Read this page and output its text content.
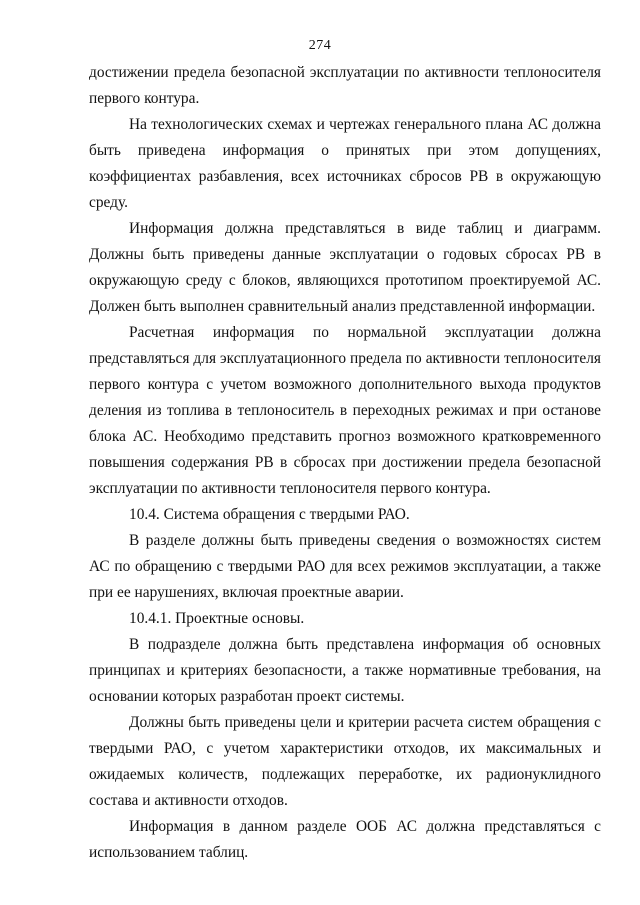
274

достижении предела безопасной эксплуатации по активности теплоносителя первого контура.

На технологических схемах и чертежах генерального плана АС должна быть приведена информация о принятых при этом допущениях, коэффициентах разбавления, всех источниках сбросов РВ в окружающую среду.

Информация должна представляться в виде таблиц и диаграмм. Должны быть приведены данные эксплуатации о годовых сбросах РВ в окружающую среду с блоков, являющихся прототипом проектируемой АС. Должен быть выполнен сравнительный анализ представленной информации.

Расчетная информация по нормальной эксплуатации должна представляться для эксплуатационного предела по активности теплоносителя первого контура с учетом возможного дополнительного выхода продуктов деления из топлива в теплоноситель в переходных режимах и при останове блока АС. Необходимо представить прогноз возможного кратковременного повышения содержания РВ в сбросах при достижении предела безопасной эксплуатации по активности теплоносителя первого контура.

10.4. Система обращения с твердыми РАО.

В разделе должны быть приведены сведения о возможностях систем АС по обращению с твердыми РАО для всех режимов эксплуатации, а также при ее нарушениях, включая проектные аварии.

10.4.1. Проектные основы.

В подразделе должна быть представлена информация об основных принципах и критериях безопасности, а также нормативные требования, на основании которых разработан проект системы.

Должны быть приведены цели и критерии расчета систем обращения с твердыми РАО, с учетом характеристики отходов, их максимальных и ожидаемых количеств, подлежащих переработке, их радионуклидного состава и активности отходов.

Информация в данном разделе ООБ АС должна представляться с использованием таблиц.
